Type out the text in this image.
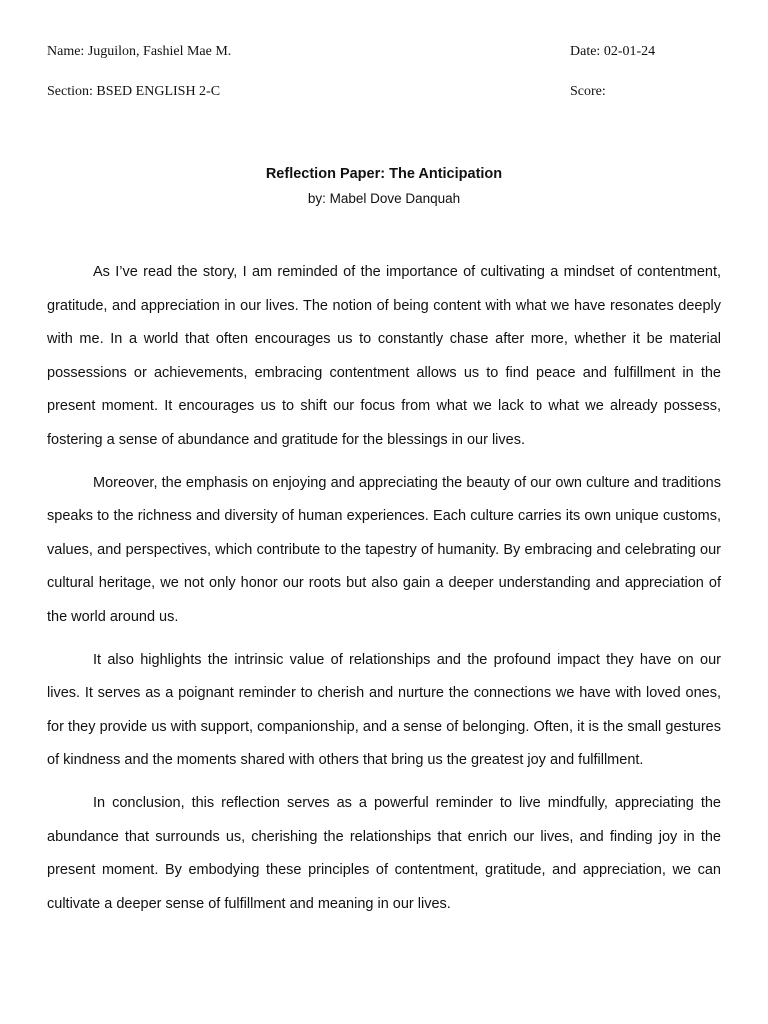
Name: Juguilon, Fashiel Mae M.	Date: 02-01-24
Section: BSED ENGLISH 2-C	Score:
Reflection Paper: The Anticipation
by: Mabel Dove Danquah

As I’ve read the story, I am reminded of the importance of cultivating a mindset of contentment, gratitude, and appreciation in our lives. The notion of being content with what we have resonates deeply with me. In a world that often encourages us to constantly chase after more, whether it be material possessions or achievements, embracing contentment allows us to find peace and fulfillment in the present moment. It encourages us to shift our focus from what we lack to what we already possess, fostering a sense of abundance and gratitude for the blessings in our lives.

Moreover, the emphasis on enjoying and appreciating the beauty of our own culture and traditions speaks to the richness and diversity of human experiences. Each culture carries its own unique customs, values, and perspectives, which contribute to the tapestry of humanity. By embracing and celebrating our cultural heritage, we not only honor our roots but also gain a deeper understanding and appreciation of the world around us.

It also highlights the intrinsic value of relationships and the profound impact they have on our lives. It serves as a poignant reminder to cherish and nurture the connections we have with loved ones, for they provide us with support, companionship, and a sense of belonging. Often, it is the small gestures of kindness and the moments shared with others that bring us the greatest joy and fulfillment.

In conclusion, this reflection serves as a powerful reminder to live mindfully, appreciating the abundance that surrounds us, cherishing the relationships that enrich our lives, and finding joy in the present moment. By embodying these principles of contentment, gratitude, and appreciation, we can cultivate a deeper sense of fulfillment and meaning in our lives.
